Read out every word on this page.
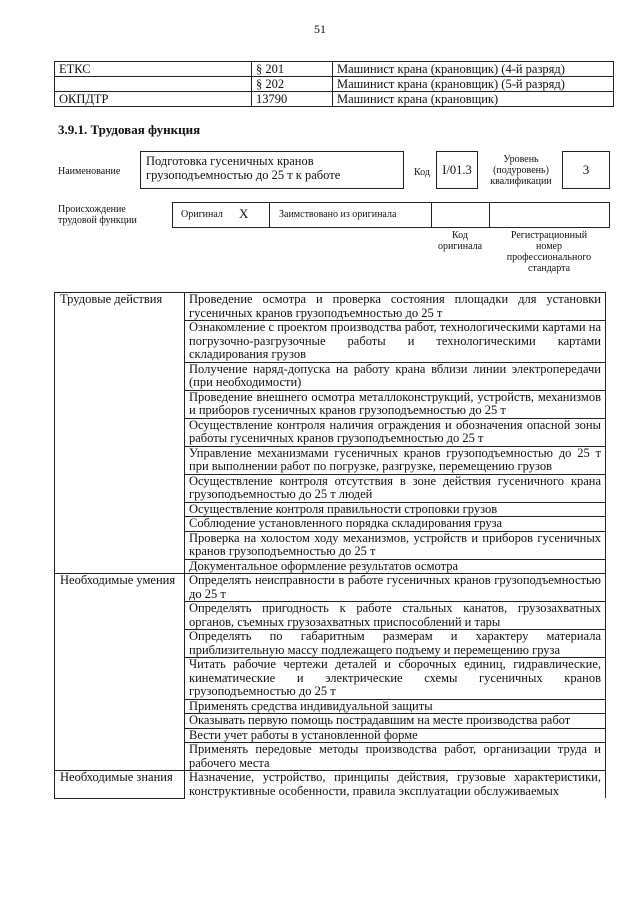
51
ЕТКС	§ 201	Машинист крана (крановщик) (4-й разряд)
	§ 202	Машинист крана (крановщик) (5-й разряд)
ОКПДТР	13790	Машинист крана (крановщик)
3.9.1. Трудовая функция
Наименование
Подготовка гусеничных кранов грузоподъемностью до 25 т к работе	Код I/01.3
Уровень (подуровень) квалификации
3
Происхождение трудовой функции
Оригинал X	Заимствовано из оригинала
Код оригинала
Регистрационный номер профессионального стандарта
Трудовые действия	Проведение осмотра и проверка состояния площадки для установки гусеничных кранов грузоподъемностью до 25 т
	Ознакомление с проектом производства работ, технологическими картами на погрузочно-разгрузочные работы и технологическими картами складирования грузов
	Получение наряд-допуска на работу крана вблизи линии электропередачи (при необходимости)
	Проведение внешнего осмотра металлоконструкций, устройств, механизмов и приборов гусеничных кранов грузоподъемностью до 25 т
	Осуществление контроля наличия ограждения и обозначения опасной зоны работы гусеничных кранов грузоподъемностью до 25 т
	Управление механизмами гусеничных кранов грузоподъемностью до 25 т при выполнении работ по погрузке, разгрузке, перемещению грузов
	Осуществление контроля отсутствия в зоне действия гусеничного крана грузоподъемностью до 25 т людей
	Осуществление контроля правильности строповки грузов
	Соблюдение установленного порядка складирования груза
	Проверка на холостом ходу механизмов, устройств и приборов гусеничных кранов грузоподъемностью до 25 т
	Документальное оформление результатов осмотра
Необходимые умения	Определять неисправности в работе гусеничных кранов грузоподъемностью до 25 т
	Определять пригодность к работе стальных канатов, грузозахватных органов, съемных грузозахватных приспособлений и тары
	Определять по габаритным размерам и характеру материала приблизительную массу подлежащего подъему и перемещению груза
	Читать рабочие чертежи деталей и сборочных единиц, гидравлические, кинематические и электрические схемы гусеничных кранов грузоподъемностью до 25 т
	Применять средства индивидуальной защиты
	Оказывать первую помощь пострадавшим на месте производства работ
	Вести учет работы в установленной форме
	Применять передовые методы производства работ, организации труда и рабочего места
Необходимые знания	Назначение, устройство, принципы действия, грузовые характеристики, конструктивные особенности, правила эксплуатации обслуживаемых
